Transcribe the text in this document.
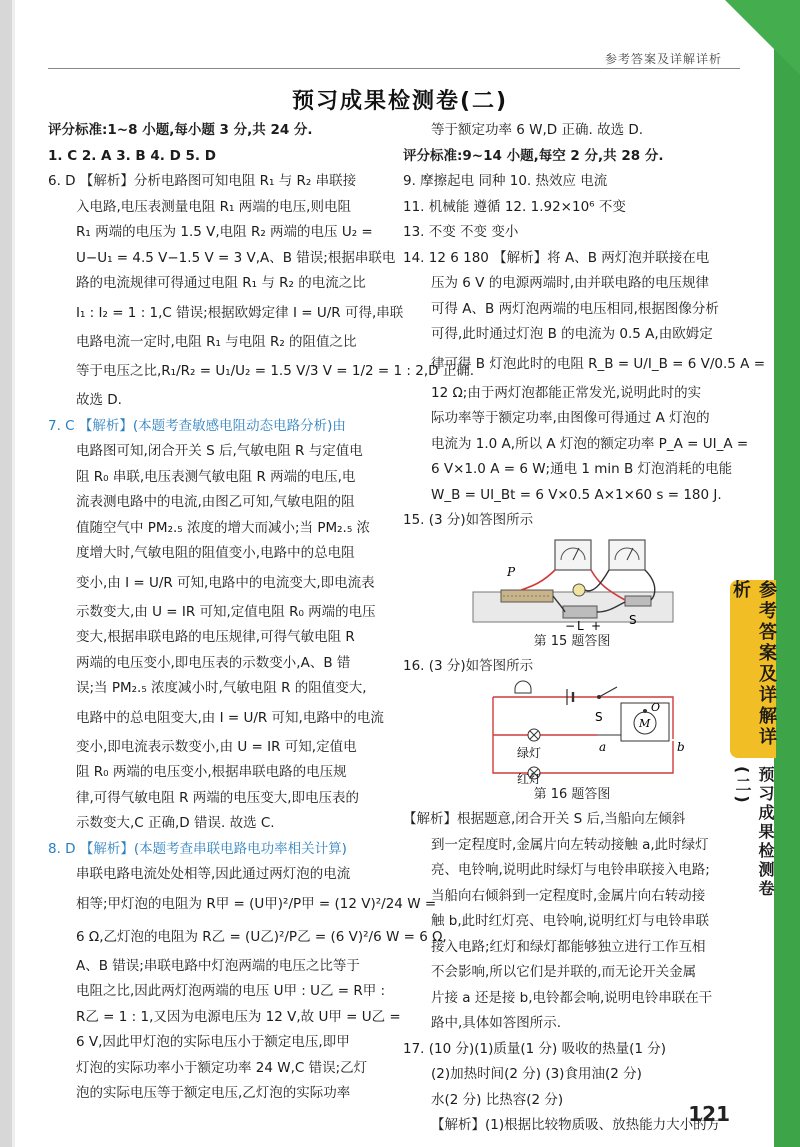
参考答案及详解详析
预习成果检测卷(二)
参考答案及详解详析
预习成果检测卷(二)
评分标准:1~8 小题,每小题 3 分,共 24 分.
1. C 2. A 3. B 4. D 5. D
6. D 【解析】分析电路图可知电阻 R₁ 与 R₂ 串联接
入电路,电压表测量电阻 R₁ 两端的电压,则电阻
R₁ 两端的电压为 1.5 V,电阻 R₂ 两端的电压 U₂ =
U−U₁ = 4.5 V−1.5 V = 3 V,A、B 错误;根据串联电
路的电流规律可得通过电阻 R₁ 与 R₂ 的电流之比
I₁ : I₂ = 1 : 1,C 错误;根据欧姆定律 I = U/R 可得,串联
电路电流一定时,电阻 R₁ 与电阻 R₂ 的阻值之比
等于电压之比,R₁/R₂ = U₁/U₂ = 1.5 V/3 V = 1/2 = 1 : 2,D 正确.
故选 D.
7. C 【解析】(本题考查敏感电阻动态电路分析)由
电路图可知,闭合开关 S 后,气敏电阻 R 与定值电
阻 R₀ 串联,电压表测气敏电阻 R 两端的电压,电
流表测电路中的电流,由图乙可知,气敏电阻的阻
值随空气中 PM₂.₅ 浓度的增大而减小;当 PM₂.₅ 浓
度增大时,气敏电阻的阻值变小,电路中的总电阻
变小,由 I = U/R 可知,电路中的电流变大,即电流表
示数变大,由 U = IR 可知,定值电阻 R₀ 两端的电压
变大,根据串联电路的电压规律,可得气敏电阻 R
两端的电压变小,即电压表的示数变小,A、B 错
误;当 PM₂.₅ 浓度减小时,气敏电阻 R 的阻值变大,
电路中的总电阻变大,由 I = U/R 可知,电路中的电流
变小,即电流表示数变小,由 U = IR 可知,定值电
阻 R₀ 两端的电压变小,根据串联电路的电压规
律,可得气敏电阻 R 两端的电压变大,即电压表的
示数变大,C 正确,D 错误. 故选 C.
8. D 【解析】(本题考查串联电路电功率相关计算)
串联电路电流处处相等,因此通过两灯泡的电流
相等;甲灯泡的电阻为 R甲 = (U甲)²/P甲 = (12 V)²/24 W =
6 Ω,乙灯泡的电阻为 R乙 = (U乙)²/P乙 = (6 V)²/6 W = 6 Ω,
A、B 错误;串联电路中灯泡两端的电压之比等于
电阻之比,因此两灯泡两端的电压 U甲 : U乙 = R甲 :
R乙 = 1 : 1,又因为电源电压为 12 V,故 U甲 = U乙 =
6 V,因此甲灯泡的实际电压小于额定电压,即甲
灯泡的实际功率小于额定功率 24 W,C 错误;乙灯
泡的实际电压等于额定电压,乙灯泡的实际功率
等于额定功率 6 W,D 正确. 故选 D.
评分标准:9~14 小题,每空 2 分,共 28 分.
9. 摩擦起电 同种 10. 热效应 电流
11. 机械能 遵循 12. 1.92×10⁶ 不变
13. 不变 不变 变小
14. 12 6 180 【解析】将 A、B 两灯泡并联接在电
压为 6 V 的电源两端时,由并联电路的电压规律
可得 A、B 两灯泡两端的电压相同,根据图像分析
可得,此时通过灯泡 B 的电流为 0.5 A,由欧姆定
律可得 B 灯泡此时的电阻 R_B = U/I_B = 6 V/0.5 A =
12 Ω;由于两灯泡都能正常发光,说明此时的实
际功率等于额定功率,由图像可得通过 A 灯泡的
电流为 1.0 A,所以 A 灯泡的额定功率 P_A = UI_A =
6 V×1.0 A = 6 W;通电 1 min B 灯泡消耗的电能
W_B = UI_Bt = 6 V×0.5 A×1×60 s = 180 J.
15. (3 分)如答图所示
P
L
− + S
第 15 题答图
16. (3 分)如答图所示
S	M
O
a	b
绿灯
红灯
第 16 题答图
【解析】根据题意,闭合开关 S 后,当船向左倾斜
到一定程度时,金属片向左转动接触 a,此时绿灯
亮、电铃响,说明此时绿灯与电铃串联接入电路;
当船向右倾斜到一定程度时,金属片向右转动接
触 b,此时红灯亮、电铃响,说明红灯与电铃串联
接入电路;红灯和绿灯都能够独立进行工作互相
不会影响,所以它们是并联的,而无论开关金属
片接 a 还是接 b,电铃都会响,说明电铃串联在干
路中,具体如答图所示.
17. (10 分)(1)质量(1 分) 吸收的热量(1 分)
(2)加热时间(2 分) (3)食用油(2 分)
水(2 分) 比热容(2 分)
【解析】(1)根据比较物质吸、放热能力大小的方
121
